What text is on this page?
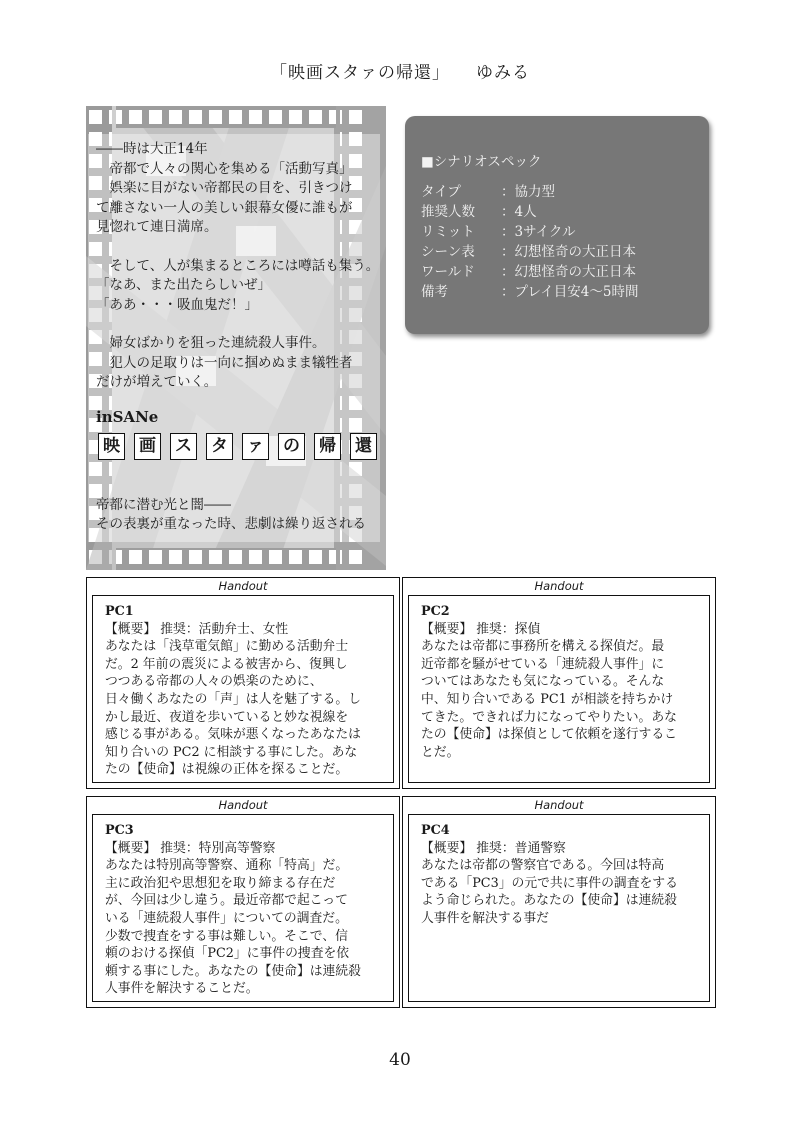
「映画スタァの帰還」 ゆみる
――時は大正14年
　帝都で人々の関心を集める「活動写真」
　娯楽に目がない帝都民の目を、引きつけ
て離さない一人の美しい銀幕女優に誰もが
見惚れて連日満席。
　そして、人が集まるところには噂話も集う。
「なあ、また出たらしいぜ」
「ああ・・・吸血鬼だ！」
　婦女ばかりを狙った連続殺人事件。
　犯人の足取りは一向に掴めぬまま犠牲者
だけが増えていく。
inSANe
映 画 ス タ ァ の 帰 還
帝都に潜む光と闇――
その表裏が重なった時、悲劇は繰り返される
■シナリオスペック
タイプ	：協力型
推奨人数 ：4人
リミット ：3サイクル
シーン表 ：幻想怪奇の大正日本
ワールド ：幻想怪奇の大正日本
備考	：プレイ目安4～5時間
Handout
PC1
【概要】 推奨：活動弁士、女性
あなたは「浅草電気館」に勤める活動弁士
だ。2 年前の震災による被害から、復興し
つつある帝都の人々の娯楽のために、
日々働くあなたの「声」は人を魅了する。し
かし最近、夜道を歩いていると妙な視線を
感じる事がある。気味が悪くなったあなたは
知り合いの PC2 に相談する事にした。あな
たの【使命】は視線の正体を探ることだ。
Handout
PC2
【概要】 推奨：探偵
あなたは帝都に事務所を構える探偵だ。最
近帝都を騒がせている「連続殺人事件」に
ついてはあなたも気になっている。そんな
中、知り合いである PC1 が相談を持ちかけ
てきた。できれば力になってやりたい。あな
たの【使命】は探偵として依頼を遂行するこ
とだ。
Handout
PC3
【概要】 推奨：特別高等警察
あなたは特別高等警察、通称「特高」だ。
主に政治犯や思想犯を取り締まる存在だ
が、今回は少し違う。最近帝都で起こって
いる「連続殺人事件」についての調査だ。
少数で捜査をする事は難しい。そこで、信
頼のおける探偵「PC2」に事件の捜査を依
頼する事にした。あなたの【使命】は連続殺
人事件を解決することだ。
Handout
PC4
【概要】 推奨：普通警察
あなたは帝都の警察官である。今回は特高
である「PC3」の元で共に事件の調査をする
よう命じられた。あなたの【使命】は連続殺
人事件を解決する事だ
40
